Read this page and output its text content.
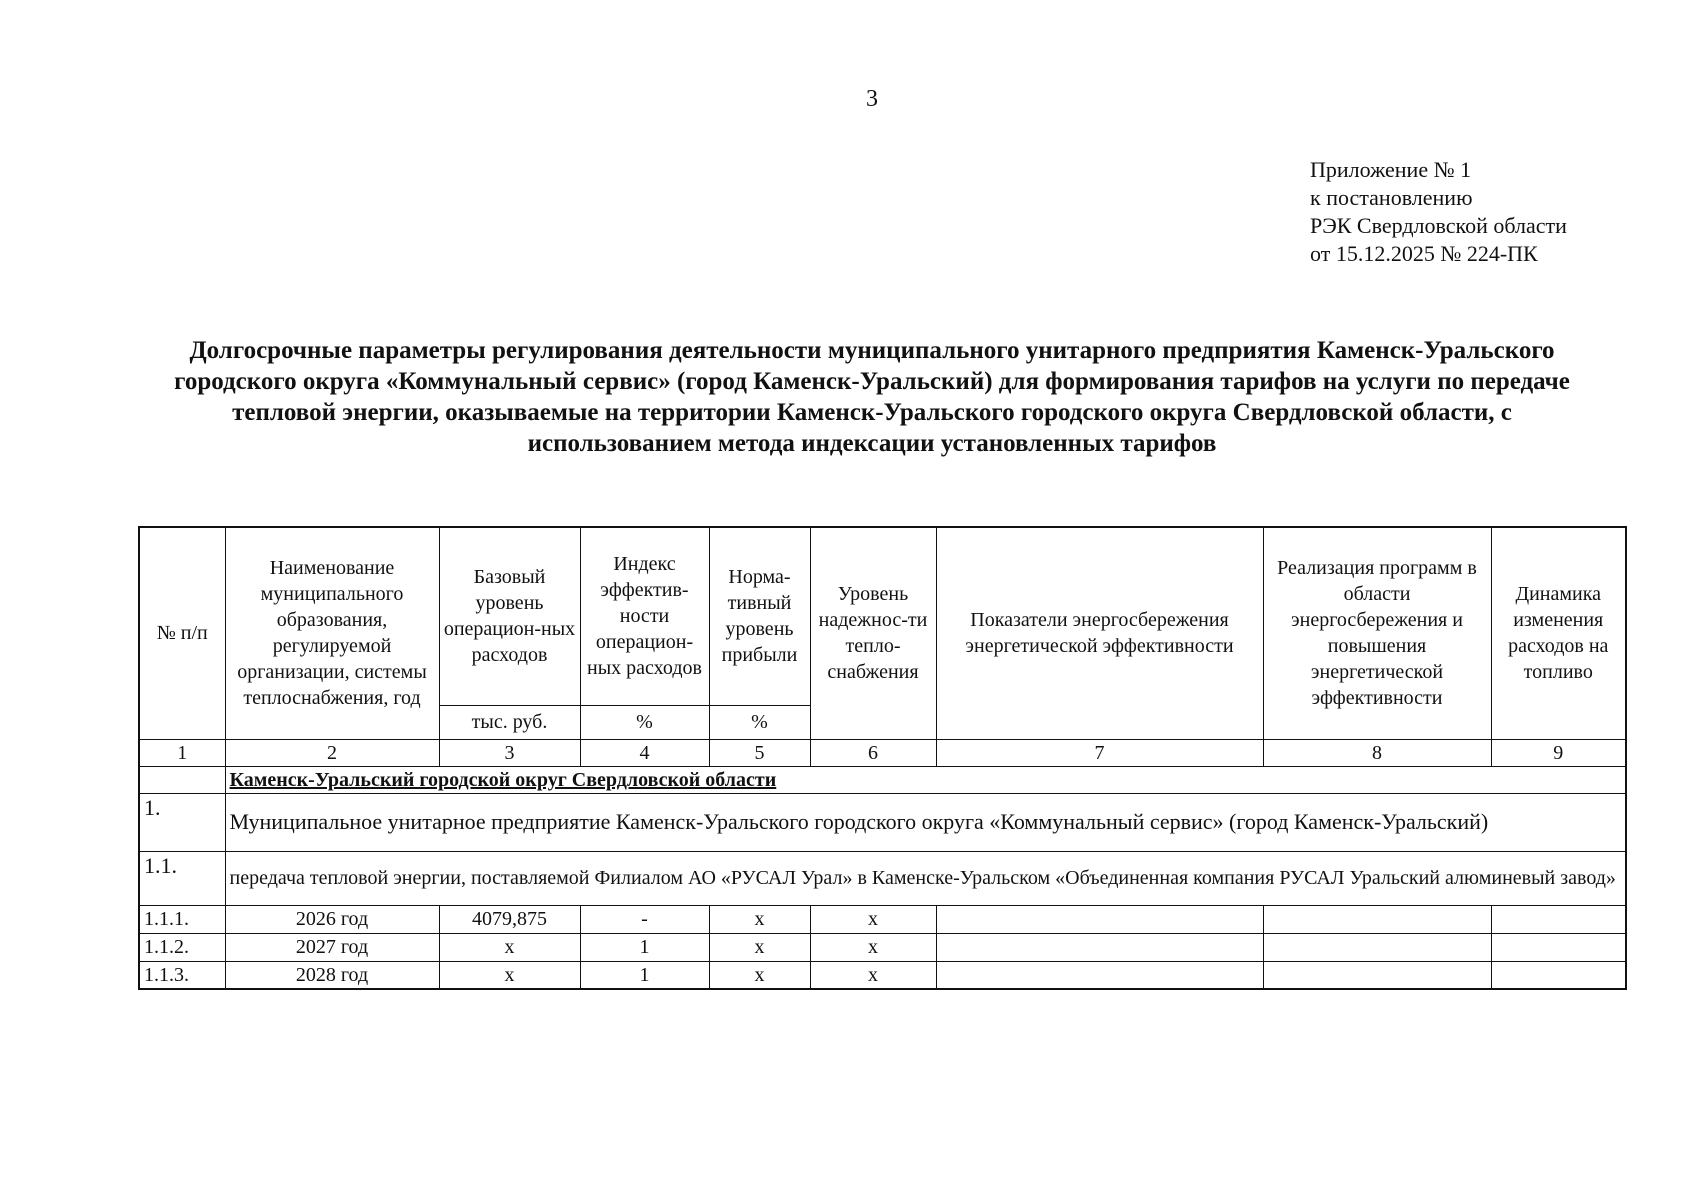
3
Приложение № 1
к постановлению
РЭК Свердловской области
от 15.12.2025 № 224-ПК
Долгосрочные параметры регулирования деятельности муниципального унитарного предприятия Каменск-Уральского городского округа «Коммунальный сервис» (город Каменск-Уральский) для формирования тарифов на услуги по передаче тепловой энергии, оказываемые на территории Каменск-Уральского городского округа Свердловской области, с использованием метода индексации установленных тарифов
№ п/п	Наименование муниципального образования, регулируемой организации, системы теплоснабжения, год	Базовый уровень операцион-ных расходов	Индекс эффектив-ности операцион-ных расходов	Норма-тивный уровень прибыли	Уровень надежнос-ти тепло-снабжения	Показатели энергосбережения энергетической эффективности	Реализация программ в области энергосбережения и повышения энергетической эффективности	Динамика изменения расходов на топливо
		тыс. руб.	%	%				
1	2	3	4	5	6	7	8	9
	Каменск-Уральский городской округ Свердловской области							
1.	Муниципальное унитарное предприятие Каменск-Уральского городского округа «Коммунальный сервис» (город Каменск-Уральский)							
1.1.	передача тепловой энергии, поставляемой Филиалом АО «РУСАЛ Урал» в Каменске-Уральском «Объединенная компания РУСАЛ Уральский алюминевый завод»							
1.1.1.	2026 год	4079,875	-	x	x			
1.1.2.	2027 год	x	1	x	x			
1.1.3.	2028 год	x	1	x	x			
